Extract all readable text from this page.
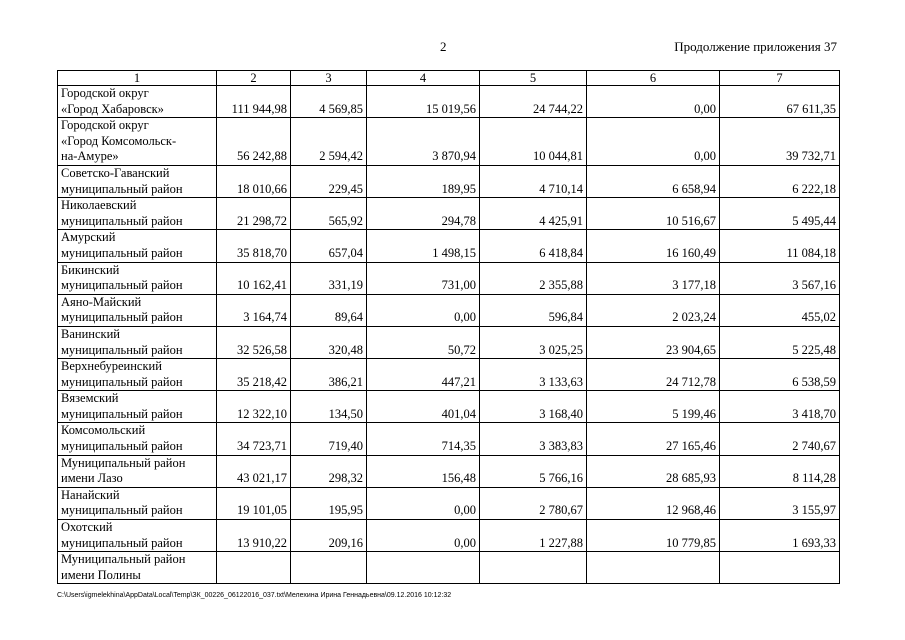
2	Продолжение приложения 37
1	2	3	4	5	6	7

Городской округ
«Город Хабаровск»	111 944,98	4 569,85	15 019,56	24 744,22	0,00	67 611,35

Городской округ
«Город Комсомольск-
на-Амуре»	56 242,88	2 594,42	3 870,94	10 044,81	0,00	39 732,71

Советско-Гаванский
муниципальный район	18 010,66	229,45	189,95	4 710,14	6 658,94	6 222,18

Николаевский
муниципальный район	21 298,72	565,92	294,78	4 425,91	10 516,67	5 495,44

Амурский
муниципальный район	35 818,70	657,04	1 498,15	6 418,84	16 160,49	11 084,18

Бикинский
муниципальный район	10 162,41	331,19	731,00	2 355,88	3 177,18	3 567,16

Аяно-Майский
муниципальный район	3 164,74	89,64	0,00	596,84	2 023,24	455,02

Ванинский
муниципальный район	32 526,58	320,48	50,72	3 025,25	23 904,65	5 225,48

Верхнебуреинский
муниципальный район	35 218,42	386,21	447,21	3 133,63	24 712,78	6 538,59

Вяземский
муниципальный район	12 322,10	134,50	401,04	3 168,40	5 199,46	3 418,70

Комсомольский
муниципальный район	34 723,71	719,40	714,35	3 383,83	27 165,46	2 740,67

Муниципальный район
имени Лазо	43 021,17	298,32	156,48	5 766,16	28 685,93	8 114,28

Нанайский
муниципальный район	19 101,05	195,95	0,00	2 780,67	12 968,46	3 155,97

Охотский
муниципальный район	13 910,22	209,16	0,00	1 227,88	10 779,85	1 693,33

Муниципальный район
имени Полины						

C:\Users\igmelekhina\AppData\Local\Temp\ЗК_00226_06122016_037.txt\Мелехина Ирина Геннадьевна\09.12.2016 10:12:32
